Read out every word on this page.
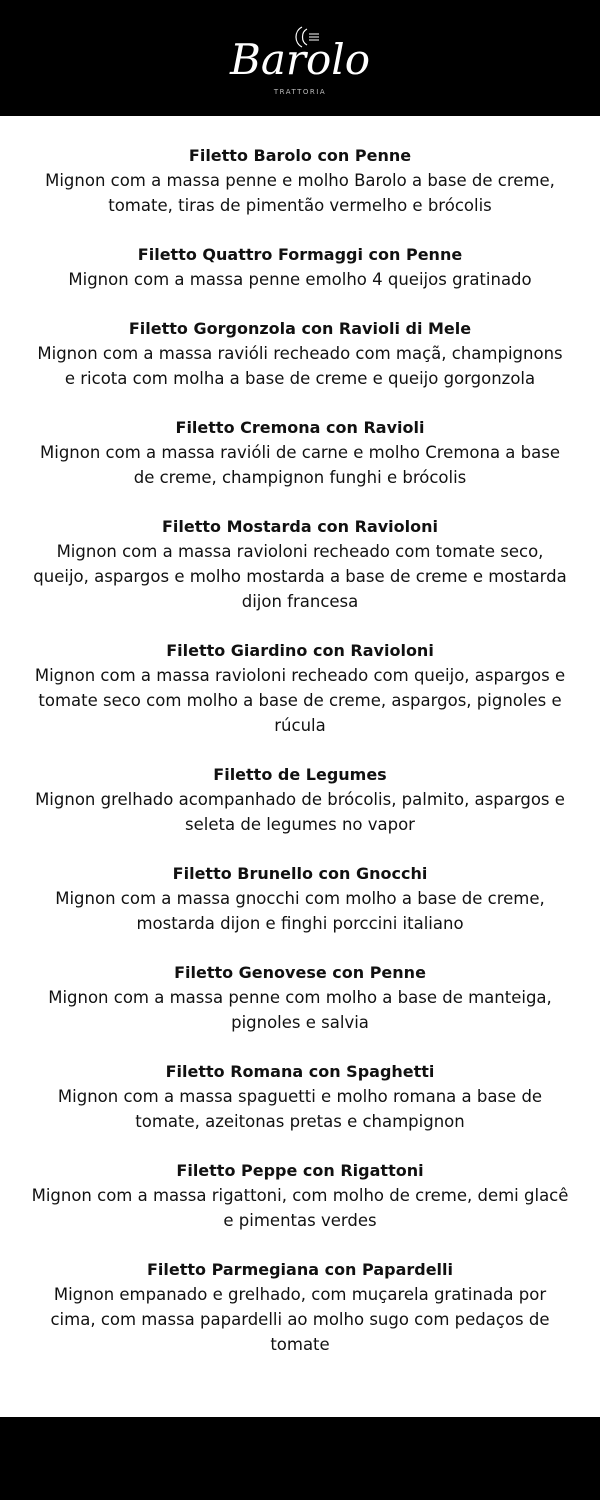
Barolo
TRATTORIA

Filetto Barolo con Penne

Mignon com a massa penne e molho Barolo a base de creme, tomate, tiras de pimentão vermelho e brócolis

Filetto Quattro Formaggi con Penne

Mignon com a massa penne emolho 4 queijos gratinado

Filetto Gorgonzola con Ravioli di Mele

Mignon com a massa ravióli recheado com maçã, champignons e ricota com molha a base de creme e queijo gorgonzola

Filetto Cremona con Ravioli

Mignon com a massa ravióli de carne e molho Cremona a base de creme, champignon funghi e brócolis

Filetto Mostarda con Ravioloni

Mignon com a massa ravioloni recheado com tomate seco, queijo, aspargos e molho mostarda a base de creme e mostarda dijon francesa

Filetto Giardino con Ravioloni

Mignon com a massa ravioloni recheado com queijo, aspargos e tomate seco com molho a base de creme, aspargos, pignoles e rúcula

Filetto de Legumes

Mignon grelhado acompanhado de brócolis, palmito, aspargos e seleta de legumes no vapor

Filetto Brunello con Gnocchi

Mignon com a massa gnocchi com molho a base de creme, mostarda dijon e finghi porccini italiano

Filetto Genovese con Penne

Mignon com a massa penne com molho a base de manteiga, pignoles e salvia

Filetto Romana con Spaghetti

Mignon com a massa spaguetti e molho romana a base de tomate, azeitonas pretas e champignon

Filetto Peppe con Rigattoni

Mignon com a massa rigattoni, com molho de creme, demi glacê e pimentas verdes

Filetto Parmegiana con Papardelli

Mignon empanado e grelhado, com muçarela gratinada por cima, com massa papardelli ao molho sugo com pedaços de tomate
